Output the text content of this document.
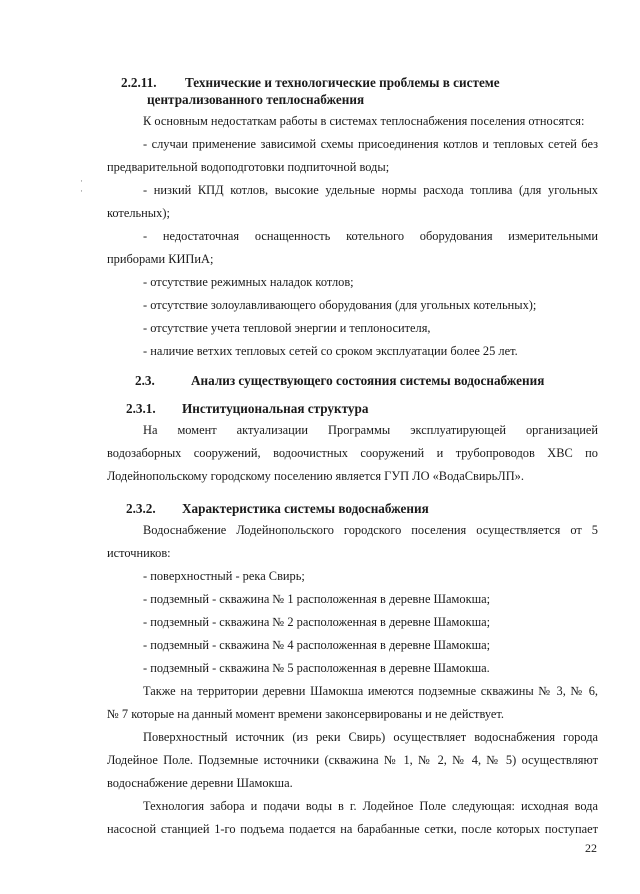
2.2.11. Технические и технологические проблемы в системе
централизованного теплоснабжения
К основным недостаткам работы в системах теплоснабжения поселения относятся:
- случаи применение зависимой схемы присоединения котлов и тепловых сетей без
предварительной водоподготовки подпиточной воды;
- низкий КПД котлов, высокие удельные нормы расхода топлива (для угольных
котельных);
- недостаточная оснащенность котельного оборудования измерительными
приборами КИПиА;
- отсутствие режимных наладок котлов;
- отсутствие золоулавливающего оборудования (для угольных котельных);
- отсутствие учета тепловой энергии и теплоносителя,
- наличие ветхих тепловых сетей со сроком эксплуатации более 25 лет.
2.3.	Анализ существующего состояния системы водоснабжения
2.3.1. Институциональная структура
На момент актуализации Программы эксплуатирующей организацией
водозаборных сооружений, водоочистных сооружений и трубопроводов ХВС по
Лодейнопольскому городскому поселению является ГУП ЛО «ВодаСвирьЛП».
2.3.2. Характеристика системы водоснабжения
Водоснабжение Лодейнопольского городского поселения осуществляется от 5
источников:
- поверхностный - река Свирь;
- подземный - скважина № 1 расположенная в деревне Шамокша;
- подземный - скважина № 2 расположенная в деревне Шамокша;
- подземный - скважина № 4 расположенная в деревне Шамокша;
- подземный - скважина № 5 расположенная в деревне Шамокша.
Также на территории деревни Шамокша имеются подземные скважины № 3, № 6,
№ 7 которые на данный момент времени законсервированы и не действует.
Поверхностный источник (из реки Свирь) осуществляет водоснабжения города
Лодейное Поле. Подземные источники (скважина № 1, № 2, № 4, № 5) осуществляют
водоснабжение деревни Шамокша.
Технология забора и подачи воды в г. Лодейное Поле следующая: исходная вода
насосной станцией 1-го подъема подается на барабанные сетки, после которых поступает
22
·
·
